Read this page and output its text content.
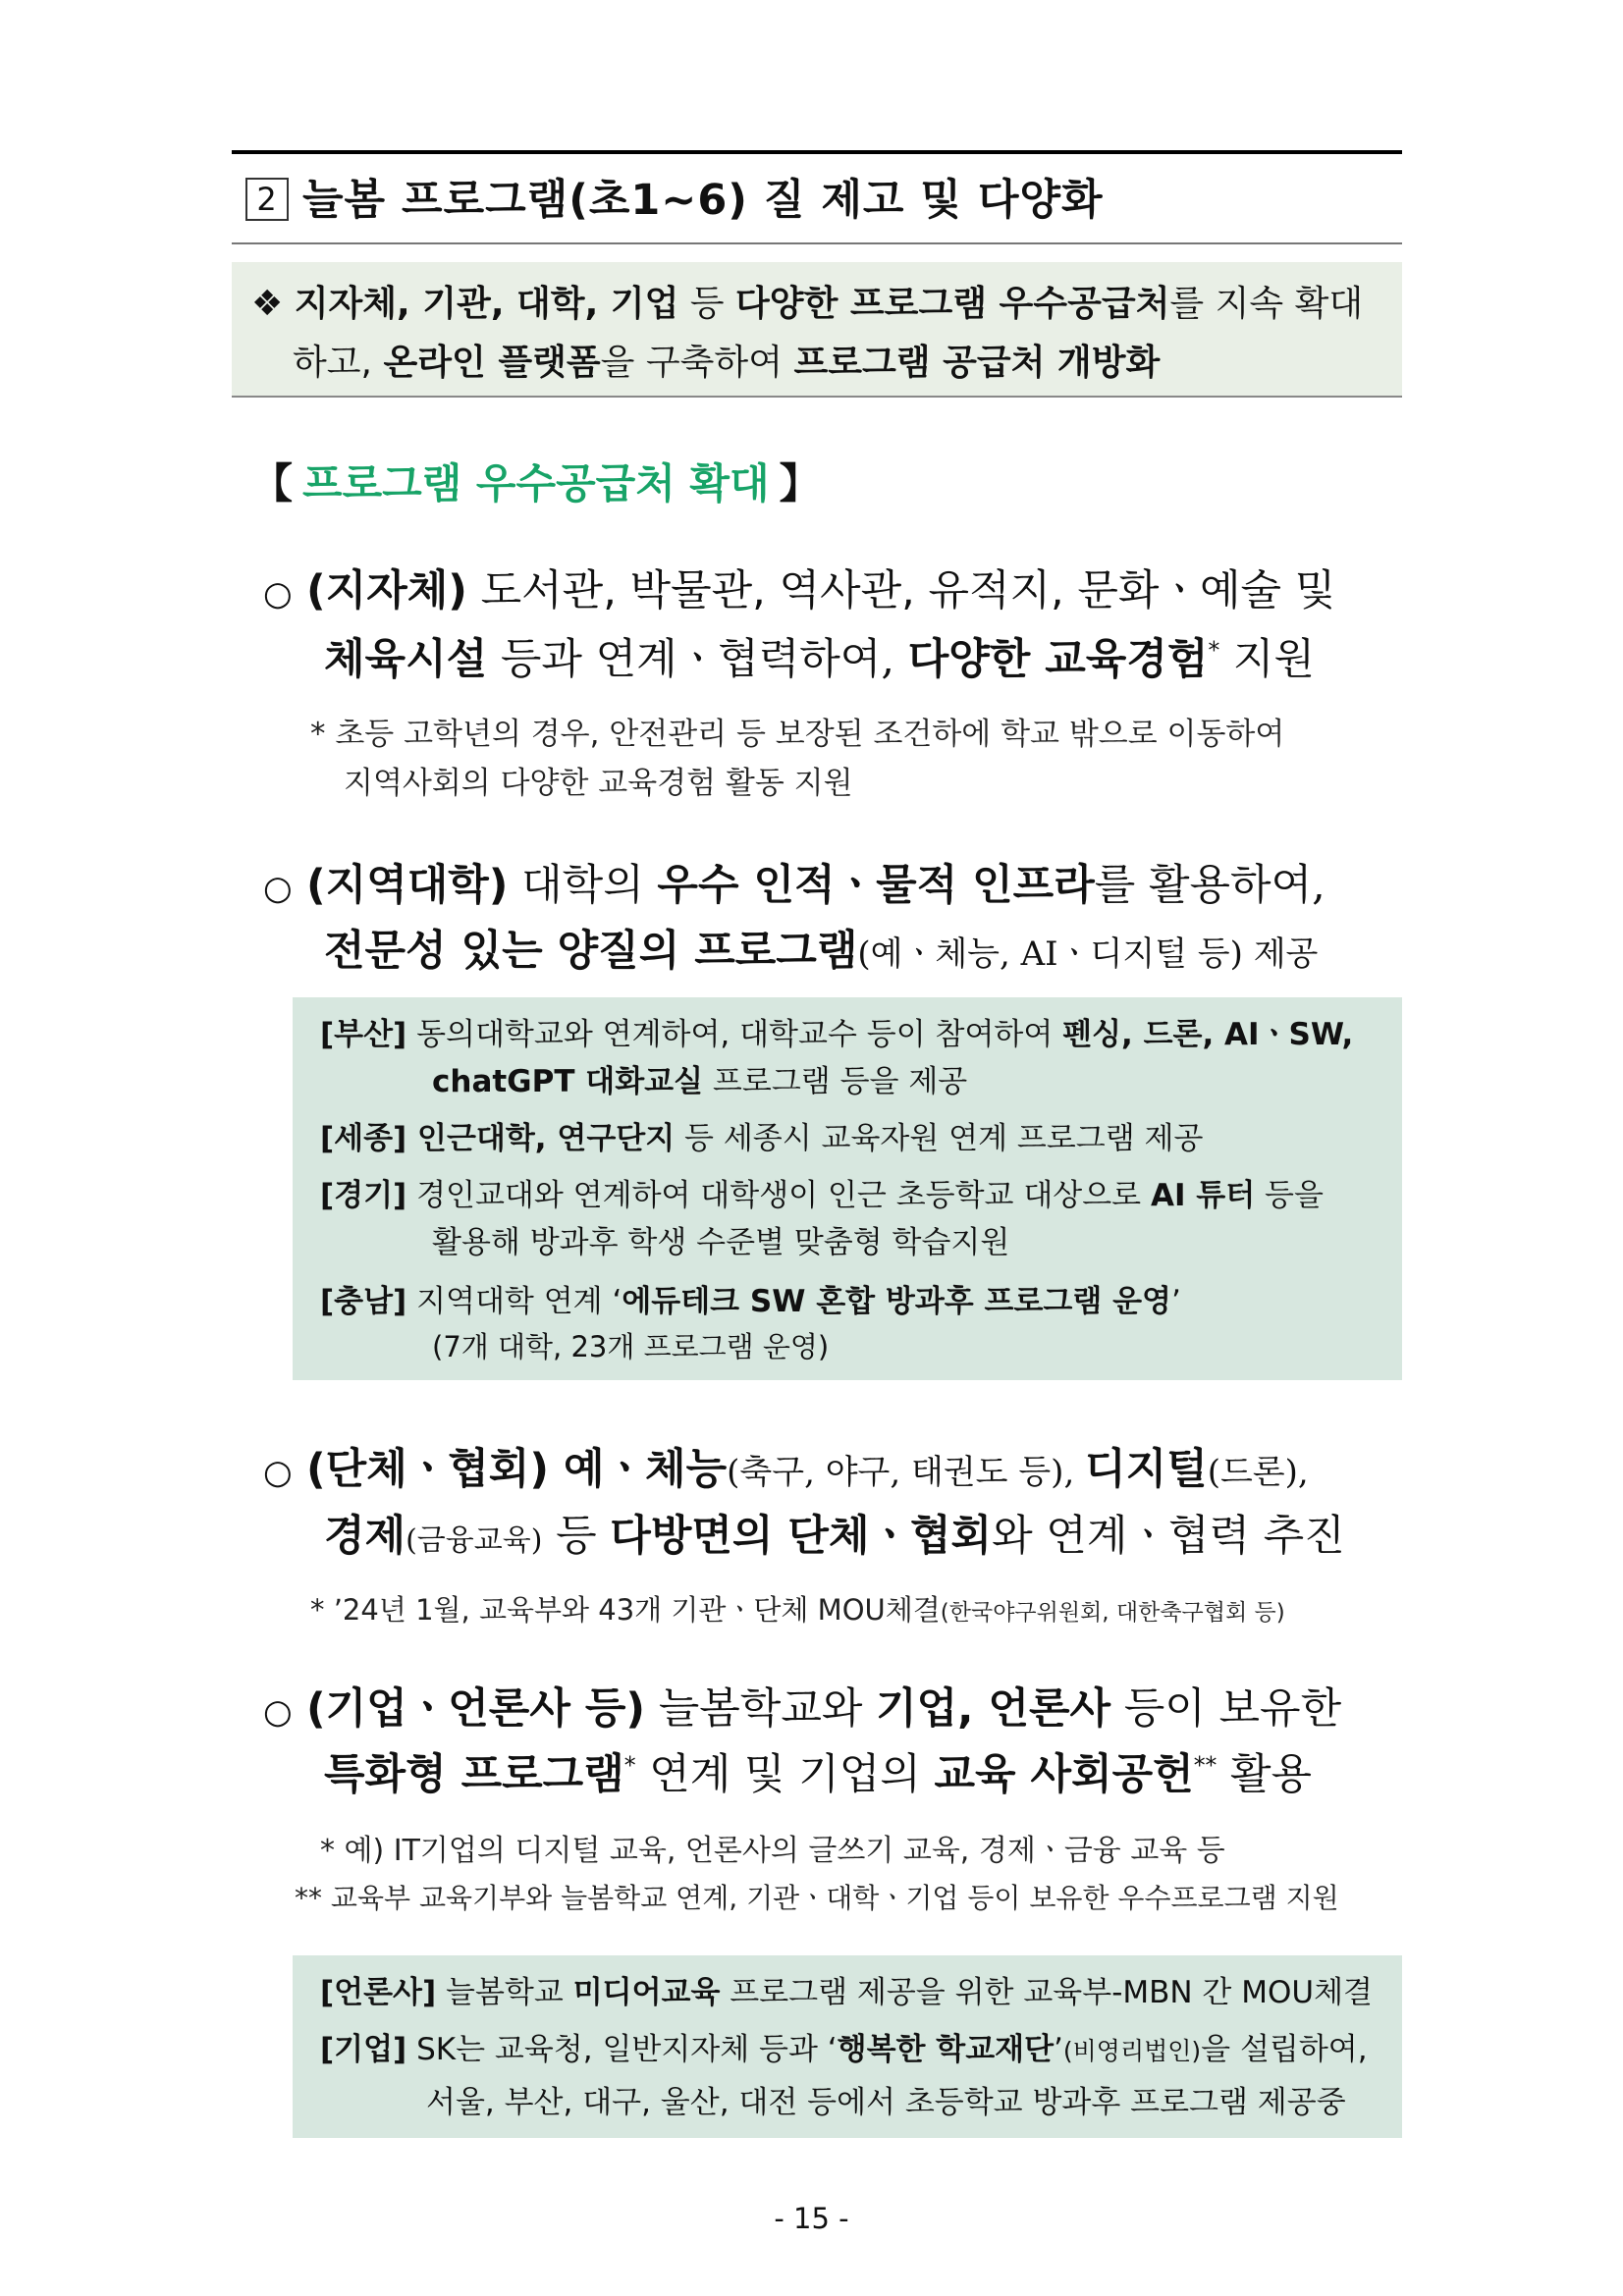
2 늘봄 프로그램(초1~6) 질 제고 및 다양화
❖ 지자체, 기관, 대학, 기업 등 다양한 프로그램 우수공급처를 지속 확대
하고, 온라인 플랫폼을 구축하여 프로그램 공급처 개방화
【 프로그램 우수공급처 확대 】
○ (지자체) 도서관, 박물관, 역사관, 유적지, 문화ㆍ예술 및
체육시설 등과 연계ㆍ협력하여, 다양한 교육경험* 지원
* 초등 고학년의 경우, 안전관리 등 보장된 조건하에 학교 밖으로 이동하여
지역사회의 다양한 교육경험 활동 지원
○ (지역대학) 대학의 우수 인적ㆍ물적 인프라를 활용하여,
전문성 있는 양질의 프로그램(예ㆍ체능, AIㆍ디지털 등) 제공
[부산] 동의대학교와 연계하여, 대학교수 등이 참여하여 펜싱, 드론, AIㆍSW,
chatGPT 대화교실 프로그램 등을 제공
[세종] 인근대학, 연구단지 등 세종시 교육자원 연계 프로그램 제공
[경기] 경인교대와 연계하여 대학생이 인근 초등학교 대상으로 AI 튜터 등을
활용해 방과후 학생 수준별 맞춤형 학습지원
[충남] 지역대학 연계 ‘에듀테크 SW 혼합 방과후 프로그램 운영’
(7개 대학, 23개 프로그램 운영)
○ (단체ㆍ협회) 예ㆍ체능(축구, 야구, 태권도 등), 디지털(드론),
경제(금융교육) 등 다방면의 단체ㆍ협회와 연계ㆍ협력 추진
* ’24년 1월, 교육부와 43개 기관ㆍ단체 MOU체결(한국야구위원회, 대한축구협회 등)
○ (기업ㆍ언론사 등) 늘봄학교와 기업, 언론사 등이 보유한
특화형 프로그램* 연계 및 기업의 교육 사회공헌** 활용
* 예) IT기업의 디지털 교육, 언론사의 글쓰기 교육, 경제ㆍ금융 교육 등
** 교육부 교육기부와 늘봄학교 연계, 기관ㆍ대학ㆍ기업 등이 보유한 우수프로그램 지원
[언론사] 늘봄학교 미디어교육 프로그램 제공을 위한 교육부-MBN 간 MOU체결
[기업] SK는 교육청, 일반지자체 등과 ‘행복한 학교재단’(비영리법인)을 설립하여,
서울, 부산, 대구, 울산, 대전 등에서 초등학교 방과후 프로그램 제공중
- 15 -
